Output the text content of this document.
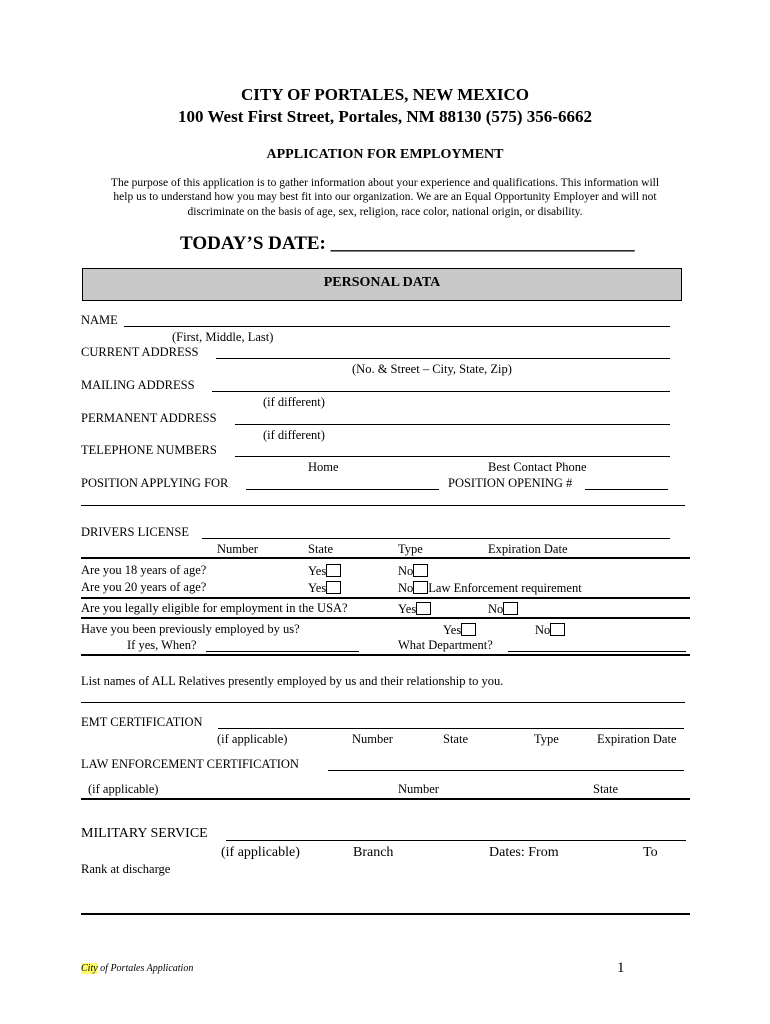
CITY OF PORTALES, NEW MEXICO
100 West First Street, Portales, NM 88130 (575) 356-6662
APPLICATION FOR EMPLOYMENT
The purpose of this application is to gather information about your experience and qualifications. This information will
help us to understand how you may best fit into our organization. We are an Equal Opportunity Employer and will not
discriminate on the basis of age, sex, religion, race color, national origin, or disability.
TODAY’S DATE: ________________________________
PERSONAL DATA
NAME
(First, Middle, Last)
CURRENT ADDRESS
(No. & Street – City, State, Zip)
MAILING ADDRESS
(if different)
PERMANENT ADDRESS
(if different)
TELEPHONE NUMBERS
Home	Best Contact Phone
POSITION APPLYING FOR	POSITION OPENING #
DRIVERS LICENSE
Number	State	Type	Expiration Date
Are you 18 years of age?	Yes	No
Are you 20 years of age?	Yes	No Law Enforcement requirement
Are you legally eligible for employment in the USA?	Yes	No
Have you been previously employed by us?	Yes	No
If yes, When?	What Department?
List names of ALL Relatives presently employed by us and their relationship to you.
EMT CERTIFICATION
(if applicable)	Number	State	Type	Expiration Date
LAW ENFORCEMENT CERTIFICATION
(if applicable)	Number	State
MILITARY SERVICE
(if applicable)	Branch	Dates: From	To
Rank at discharge
City of Portales Application	1
